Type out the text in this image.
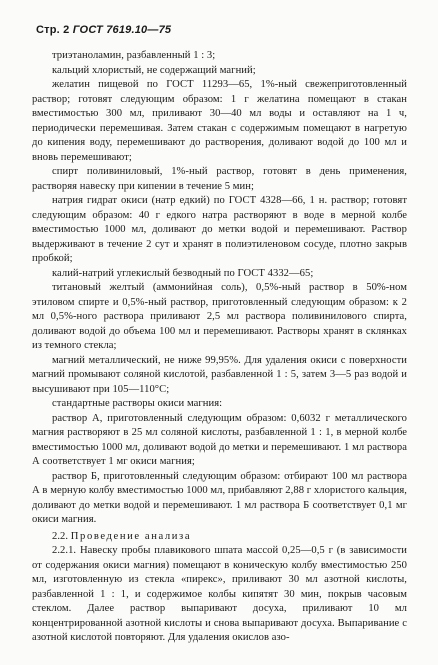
Стр. 2 ГОСТ 7619.10—75

триэтаноламин, разбавленный 1 : 3;

кальций хлористый, не содержащий магний;

желатин пищевой по ГОСТ 11293—65, 1%-ный свежеприготовленный раствор; готовят следующим образом: 1 г желатина помещают в стакан вместимостью 300 мл, приливают 30—40 мл воды и оставляют на 1 ч, периодически перемешивая. Затем стакан с содержимым помещают в нагретую до кипения воду, перемешивают до растворения, доливают водой до 100 мл и вновь перемешивают;

спирт поливиниловый, 1%-ный раствор, готовят в день применения, растворяя навеску при кипении в течение 5 мин;

натрия гидрат окиси (натр едкий) по ГОСТ 4328—66, 1 н. раствор; готовят следующим образом: 40 г едкого натра растворяют в воде в мерной колбе вместимостью 1000 мл, доливают до метки водой и перемешивают. Раствор выдерживают в течение 2 сут и хранят в полиэтиленовом сосуде, плотно закрыв пробкой;

калий-натрий углекислый безводный по ГОСТ 4332—65;

титановый желтый (аммонийная соль), 0,5%-ный раствор в 50%-ном этиловом спирте и 0,5%-ный раствор, приготовленный следующим образом: к 2 мл 0,5%-ного раствора приливают 2,5 мл раствора поливинилового спирта, доливают водой до объема 100 мл и перемешивают. Растворы хранят в склянках из темного стекла;

магний металлический, не ниже 99,95%. Для удаления окиси с поверхности магний промывают соляной кислотой, разбавленной 1 : 5, затем 3—5 раз водой и высушивают при 105—110°С;

стандартные растворы окиси магния:

раствор А, приготовленный следующим образом: 0,6032 г металлического магния растворяют в 25 мл соляной кислоты, разбавленной 1 : 1, в мерной колбе вместимостью 1000 мл, доливают водой до метки и перемешивают. 1 мл раствора А соответствует 1 мг окиси магния;

раствор Б, приготовленный следующим образом: отбирают 100 мл раствора А в мерную колбу вместимостью 1000 мл, прибавляют 2,88 г хлористого кальция, доливают до метки водой и перемешивают. 1 мл раствора Б соответствует 0,1 мг окиси магния.

2.2. Проведение анализа

2.2.1. Навеску пробы плавикового шпата массой 0,25—0,5 г (в зависимости от содержания окиси магния) помещают в коническую колбу вместимостью 250 мл, изготовленную из стекла «пирекс», приливают 30 мл азотной кислоты, разбавленной 1 : 1, и содержимое колбы кипятят 30 мин, покрыв часовым стеклом. Далее раствор выпаривают досуха, приливают 10 мл концентрированной азотной кислоты и снова выпаривают досуха. Выпаривание с азотной кислотой повторяют. Для удаления окислов азо-
